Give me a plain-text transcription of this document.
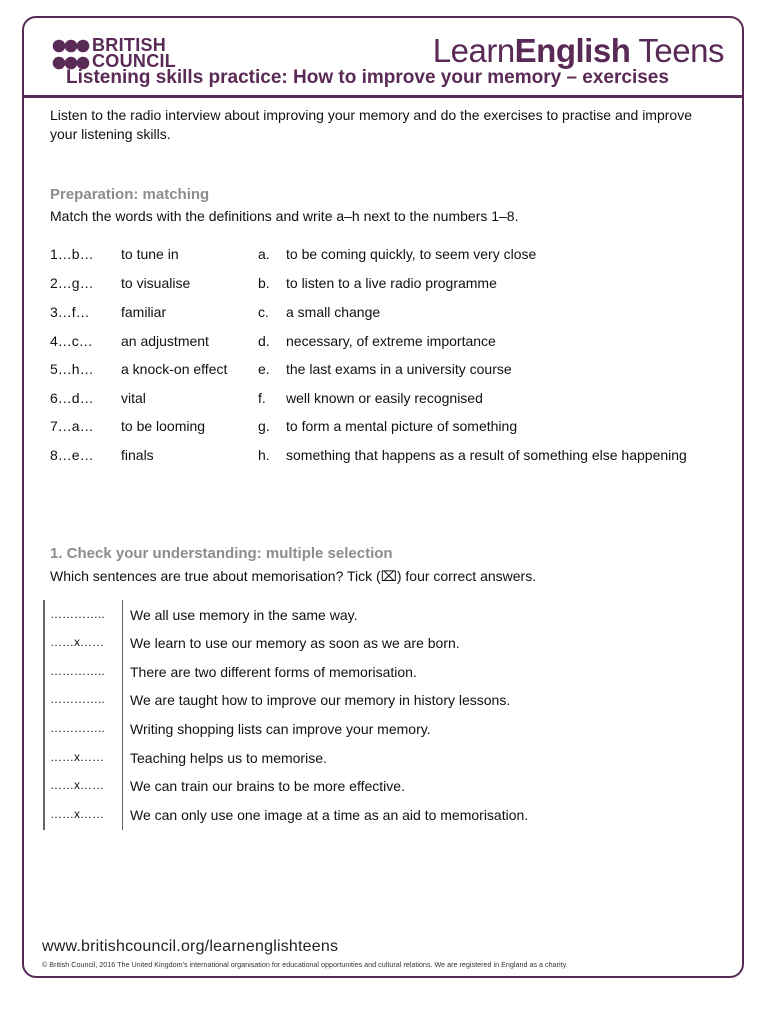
BRITISH
COUNCIL	LearnEnglish Teens
Listening skills practice: How to improve your memory – exercises
Listen to the radio interview about improving your memory and do the exercises to practise and improve your listening skills.
Preparation: matching
Match the words with the definitions and write a–h next to the numbers 1–8.
1…b… to tune in	a. to be coming quickly, to seem very close
2…g… to visualise	b. to listen to a live radio programme
3…f… familiar	c. a small change
4…c… an adjustment	d. necessary, of extreme importance
5…h… a knock-on effect e. the last exams in a university course
6…d… vital	f. well known or easily recognised
7…a… to be looming	g. to form a mental picture of something
8…e… finals	h. something that happens as a result of something else happening
1. Check your understanding: multiple selection
Which sentences are true about memorisation? Tick (⌧) four correct answers.
………….. We all use memory in the same way.
……x…… We learn to use our memory as soon as we are born.
………….. There are two different forms of memorisation.
………….. We are taught how to improve our memory in history lessons.
………….. Writing shopping lists can improve your memory.
……x…… Teaching helps us to memorise.
……x…… We can train our brains to be more effective.
……x…… We can only use one image at a time as an aid to memorisation.
www.britishcouncil.org/learnenglishteens
© British Council, 2016 The United Kingdom's international organisation for educational opportunities and cultural relations. We are registered in England as a charity.
